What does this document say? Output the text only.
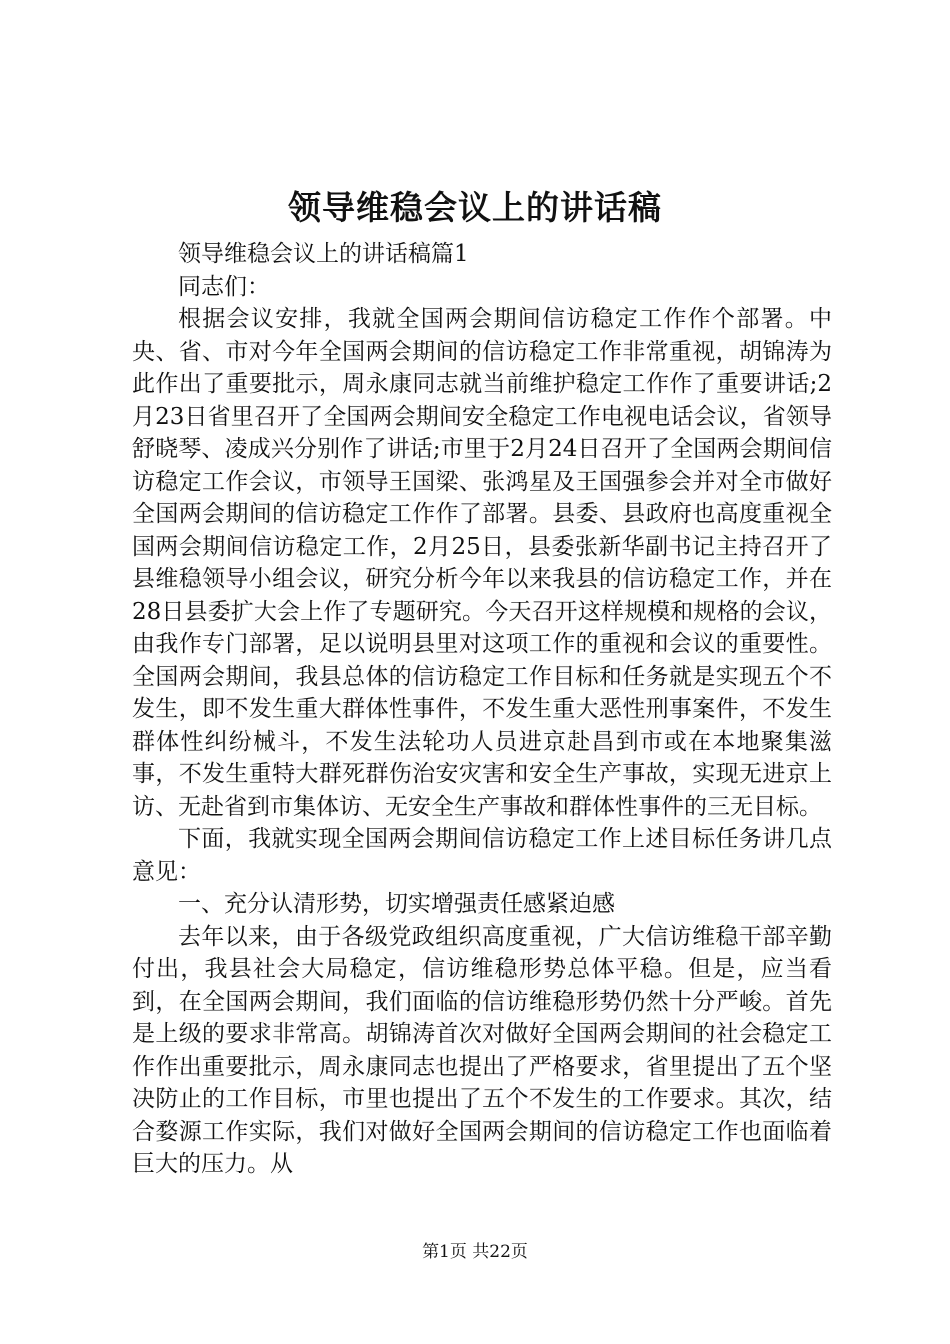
领导维稳会议上的讲话稿

领导维稳会议上的讲话稿篇1

同志们：

根据会议安排，我就全国两会期间信访稳定工作作个部署。中央、省、市对今年全国两会期间的信访稳定工作非常重视，胡锦涛为此作出了重要批示，周永康同志就当前维护稳定工作作了重要讲话;2月23日省里召开了全国两会期间安全稳定工作电视电话会议，省领导舒晓琴、凌成兴分别作了讲话;市里于2月24日召开了全国两会期间信访稳定工作会议，市领导王国梁、张鸿星及王国强参会并对全市做好全国两会期间的信访稳定工作作了部署。县委、县政府也高度重视全国两会期间信访稳定工作，2月25日，县委张新华副书记主持召开了县维稳领导小组会议，研究分析今年以来我县的信访稳定工作，并在28日县委扩大会上作了专题研究。今天召开这样规模和规格的会议，由我作专门部署，足以说明县里对这项工作的重视和会议的重要性。全国两会期间，我县总体的信访稳定工作目标和任务就是实现五个不发生，即不发生重大群体性事件，不发生重大恶性刑事案件，不发生群体性纠纷械斗，不发生法轮功人员进京赴昌到市或在本地聚集滋事，不发生重特大群死群伤治安灾害和安全生产事故，实现无进京上访、无赴省到市集体访、无安全生产事故和群体性事件的三无目标。

下面，我就实现全国两会期间信访稳定工作上述目标任务讲几点意见：

一、充分认清形势，切实增强责任感紧迫感

去年以来，由于各级党政组织高度重视，广大信访维稳干部辛勤付出，我县社会大局稳定，信访维稳形势总体平稳。但是，应当看到，在全国两会期间，我们面临的信访维稳形势仍然十分严峻。首先是上级的要求非常高。胡锦涛首次对做好全国两会期间的社会稳定工作作出重要批示，周永康同志也提出了严格要求，省里提出了五个坚决防止的工作目标，市里也提出了五个不发生的工作要求。其次，结合婺源工作实际，我们对做好全国两会期间的信访稳定工作也面临着巨大的压力。从

第1页 共22页
